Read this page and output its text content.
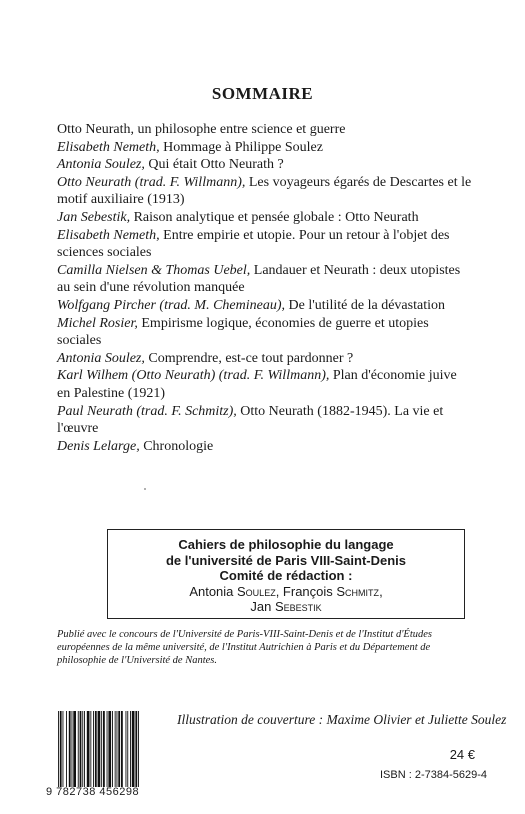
SOMMAIRE

Otto Neurath, un philosophe entre science et guerre

Elisabeth Nemeth, Hommage à Philippe Soulez

Antonia Soulez, Qui était Otto Neurath ?

Otto Neurath (trad. F. Willmann), Les voyageurs égarés de Descartes et le motif auxiliaire (1913)

Jan Sebestik, Raison analytique et pensée globale : Otto Neurath

Elisabeth Nemeth, Entre empirie et utopie. Pour un retour à l'objet des sciences sociales

Camilla Nielsen & Thomas Uebel, Landauer et Neurath : deux utopistes au sein d'une révolution manquée

Wolfgang Pircher (trad. M. Chemineau), De l'utilité de la dévastation

Michel Rosier, Empirisme logique, économies de guerre et utopies sociales

Antonia Soulez, Comprendre, est-ce tout pardonner ?

Karl Wilhem (Otto Neurath) (trad. F. Willmann), Plan d'économie juive en Palestine (1921)

Paul Neurath (trad. F. Schmitz), Otto Neurath (1882-1945). La vie et l'œuvre

Denis Lelarge, Chronologie

Cahiers de philosophie du langage
de l'université de Paris VIII-Saint-Denis
Comité de rédaction :
Antonia Soulez, François Schmitz,
Jan Sebestik
Publié avec le concours de l'Université de Paris-VIII-Saint-Denis et de l'Institut d'Études européennes de la même université, de l'Institut Autrichien à Paris et du Département de philosophie de l'Université de Nantes.
9 782738 456298
Illustration de couverture : Maxime Olivier et Juliette Soulez
24 €
ISBN : 2-7384-5629-4
